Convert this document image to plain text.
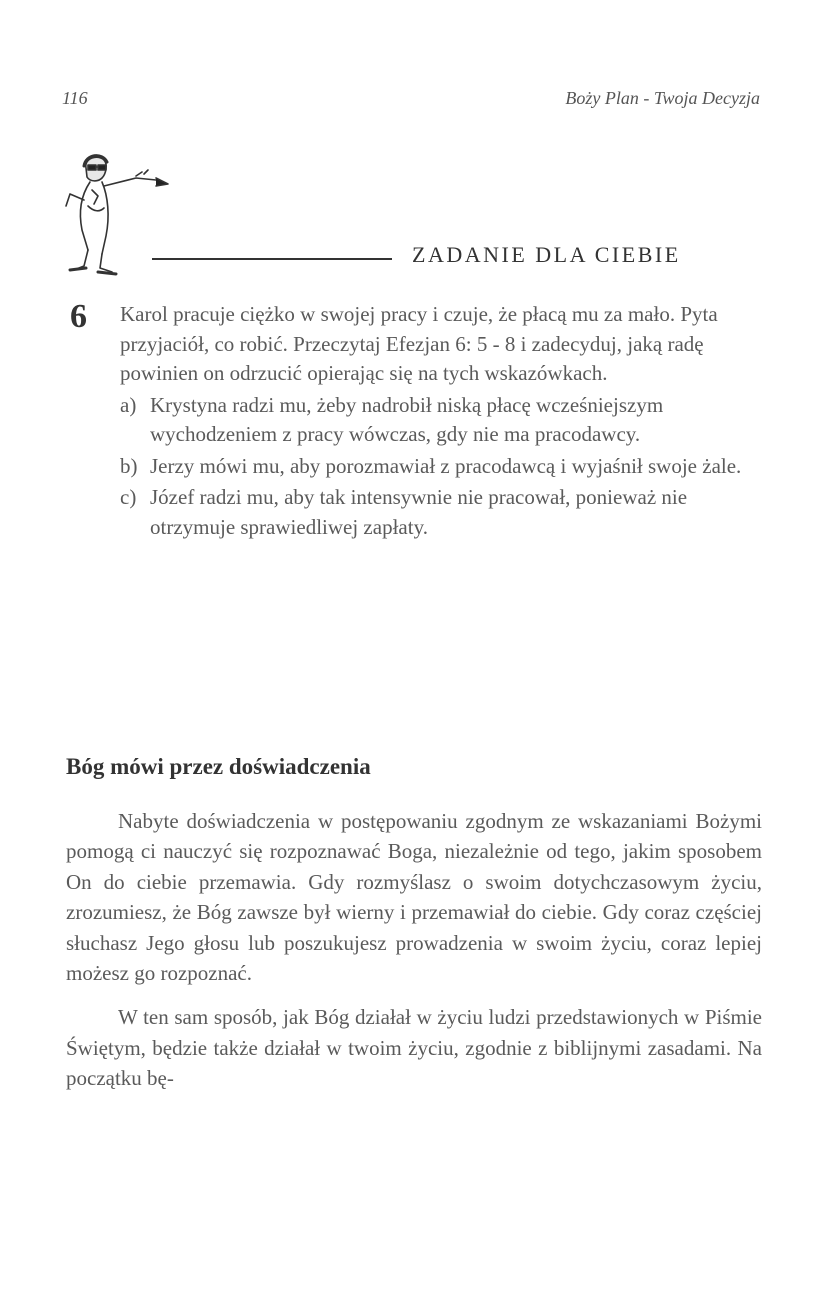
116	Boży Plan - Twoja Decyzja
ZADANIE DLA CIEBIE
6 Karol pracuje ciężko w swojej pracy i czuje, że płacą mu za mało. Pyta przyjaciół, co robić. Przeczytaj Efezjan 6: 5 - 8 i zadecyduj, jaką radę powinien on odrzucić opierając się na tych wskazówkach.

a) Krystyna radzi mu, żeby nadrobił niską płacę wcześniejszym wychodzeniem z pracy wówczas, gdy nie ma pracodawcy.
b) Jerzy mówi mu, aby porozmawiał z pracodawcą i wyjaśnił swoje żale.
c) Józef radzi mu, aby tak intensywnie nie pracował, ponieważ nie otrzymuje sprawiedliwej zapłaty.
Bóg mówi przez doświadczenia

Nabyte doświadczenia w postępowaniu zgodnym ze wskazaniami Bożymi pomogą ci nauczyć się rozpoznawać Boga, niezależnie od tego, jakim sposobem On do ciebie przemawia. Gdy rozmyślasz o swoim dotychczasowym życiu, zrozumiesz, że Bóg zawsze był wierny i przemawiał do ciebie. Gdy coraz częściej słuchasz Jego głosu lub poszukujesz prowadzenia w swoim życiu, coraz lepiej możesz go rozpoznać.

W ten sam sposób, jak Bóg działał w życiu ludzi przedstawionych w Piśmie Świętym, będzie także działał w twoim życiu, zgodnie z biblijnymi zasadami. Na początku bę-
